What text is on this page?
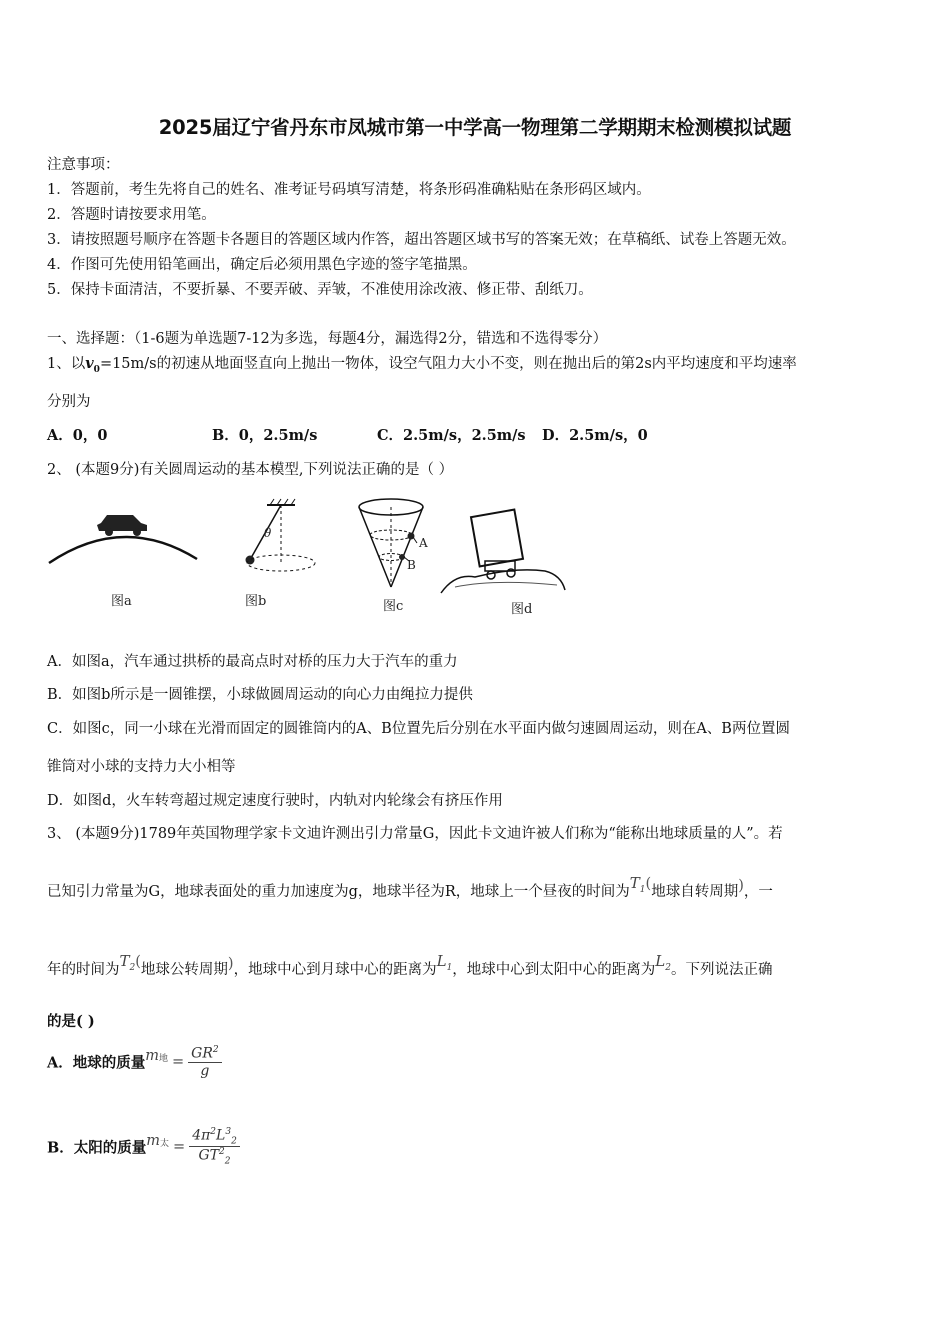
2025届辽宁省丹东市凤城市第一中学高一物理第二学期期末检测模拟试题
注意事项：
1．答题前，考生先将自己的姓名、准考证号码填写清楚，将条形码准确粘贴在条形码区域内。
2．答题时请按要求用笔。
3．请按照题号顺序在答题卡各题目的答题区域内作答，超出答题区域书写的答案无效；在草稿纸、试卷上答题无效。
4．作图可先使用铅笔画出，确定后必须用黑色字迹的签字笔描黑。
5．保持卡面清洁，不要折暴、不要弄破、弄皱，不准使用涂改液、修正带、刮纸刀。
一、选择题：（1-6题为单选题7-12为多选，每题4分，漏选得2分，错选和不选得零分）
1、以$v_0=15m/s$的初速从地面竖直向上抛出一物体，设空气阻力大小不变，则在抛出后的第2s内平均速度和平均速率
分别为
A．0，0	B．0，2.5m/s	C．2.5m/s，2.5m/s D．2.5m/s，0
2、 (本题9分)有关圆周运动的基本模型,下列说法正确的是（ ）
图a
θ
图b
A
B
图c	图d
A．如图a，汽车通过拱桥的最高点时对桥的压力大于汽车的重力
B．如图b所示是一圆锥摆，小球做圆周运动的向心力由绳拉力提供
C．如图c，同一小球在光滑而固定的圆锥筒内的A、B位置先后分别在水平面内做匀速圆周运动，则在A、B两位置圆
锥筒对小球的支持力大小相等
D．如图d，火车转弯超过规定速度行驶时，内轨对内轮缘会有挤压作用
3、 (本题9分)1789年英国物理学家卡文迪许测出引力常量G，因此卡文迪许被人们称为“能称出地球质量的人”。若
已知引力常量为G，地球表面处的重力加速度为g，地球半径为R，地球上一个昼夜的时间为$T_1$(地球自转周期)，一
年的时间为$T_2$(地球公转周期)，地球中心到月球中心的距离为$L_1$，地球中心到太阳中心的距离为$L_2$。下列说法正确
的是( )
A．地球的质量$m_地 = \frac{GR^2}{g}$
B．太阳的质量$m_太 = \frac{4\pi^2L^3_2}{GT^2_2}$
